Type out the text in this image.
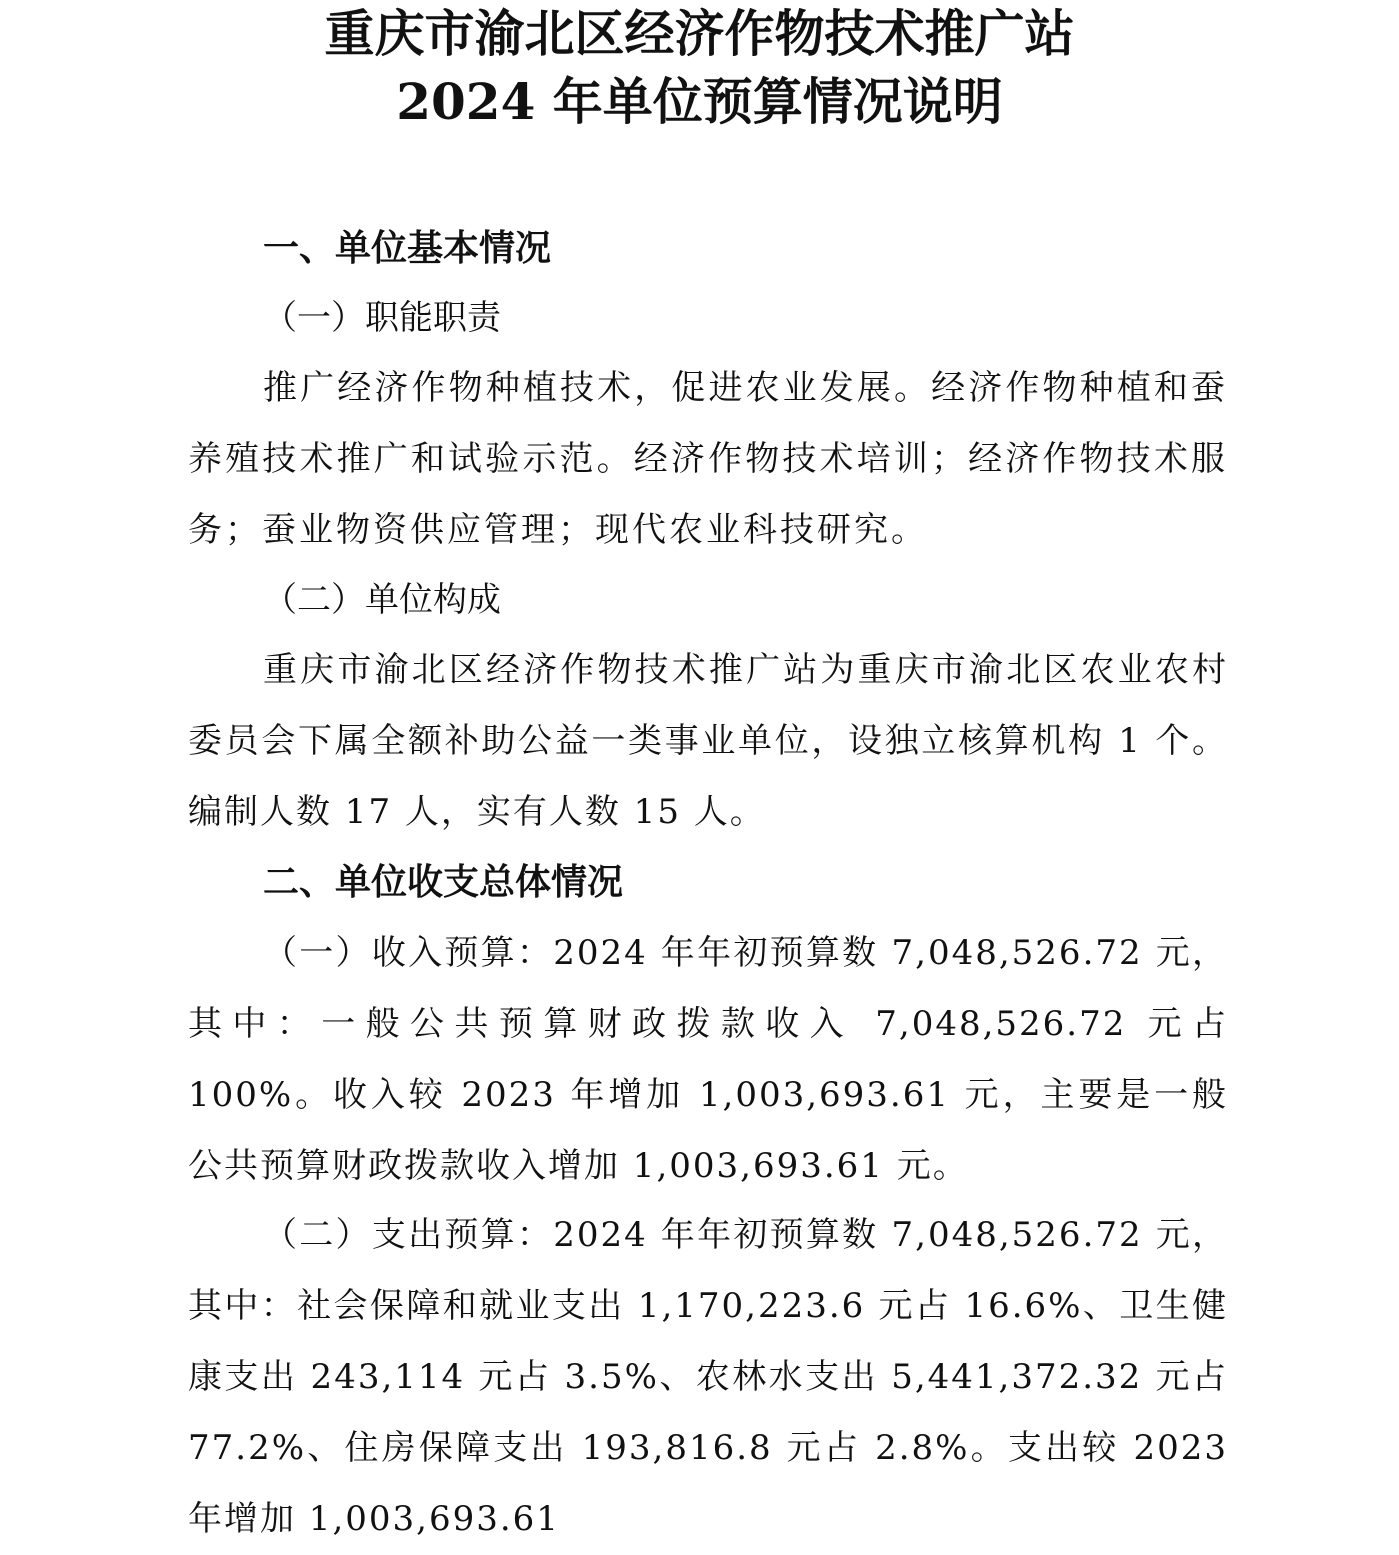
重庆市渝北区经济作物技术推广站
2024 年单位预算情况说明
一、单位基本情况
（一）职能职责
推广经济作物种植技术，促进农业发展。经济作物种植和蚕养殖技术推广和试验示范。经济作物技术培训；经济作物技术服务；蚕业物资供应管理；现代农业科技研究。
（二）单位构成
重庆市渝北区经济作物技术推广站为重庆市渝北区农业农村委员会下属全额补助公益一类事业单位，设独立核算机构 1 个。编制人数 17 人，实有人数 15 人。
二、单位收支总体情况
（一）收入预算：2024 年年初预算数 7,048,526.72 元，其中：一般公共预算财政拨款收入 7,048,526.72 元占 100%。收入较 2023 年增加 1,003,693.61 元，主要是一般公共预算财政拨款收入增加 1,003,693.61 元。
（二）支出预算：2024 年年初预算数 7,048,526.72 元，其中：社会保障和就业支出 1,170,223.6 元占 16.6%、卫生健康支出 243,114 元占 3.5%、农林水支出 5,441,372.32 元占 77.2%、住房保障支出 193,816.8 元占 2.8%。支出较 2023 年增加 1,003,693.61
